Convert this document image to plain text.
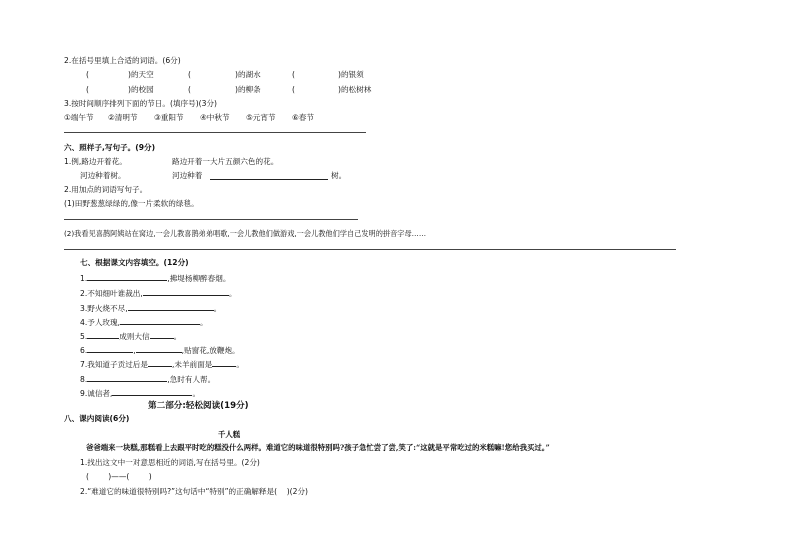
2.在括号里填上合适的词语。(6分)
(	)的天空	(	)的湖水	(	)的银须
(	)的校园	(	)的柳条	(	)的松树林
3.按时间顺序排列下面的节日。(填序号)(3分)
①端午节 ②清明节 ③重阳节 ④中秋节 ⑤元宵节 ⑥春节
六、照样子,写句子。(9分)
1.例,路边开着花。	路边开着一大片五颜六色的花。
河边种着树。	河边种着	树。
2.用加点的词语写句子。
(1)田野葱葱绿绿的,像一片柔软的绿毯。
(2)我看见喜鹊阿姨站在窝边,一会儿教喜鹊弟弟唱歌,一会儿教他们做游戏,一会儿教他们学自己发明的拼音字母……
七、根据课文内容填空。(12分)
1.	,拂堤杨柳醉春烟。
2.不知细叶谁裁出,	。
3.野火烧不尽,	。
4.予人玫瑰,	。
5.	成则大信	。
6.	,	,贴窗花,放鞭炮。
7.我知道子贡过后是	,未羊前面是	。
8.	,急时有人帮。
9.诚信者,	。
第二部分:轻松阅读(19分)
八、课内阅读(6分)
千人糕
爸爸端来一块糕,那糕看上去跟平时吃的糕没什么两样。难道它的味道很特别吗?孩子急忙尝了尝,笑了:“这就是平常吃过的米糕嘛!您给我买过。”
1.找出这文中一对意思相近的词语,写在括号里。(2分)
(        )——(        )
2.“难道它的味道很特别吗?”这句话中“特别”的正确解释是(    )(2分)
